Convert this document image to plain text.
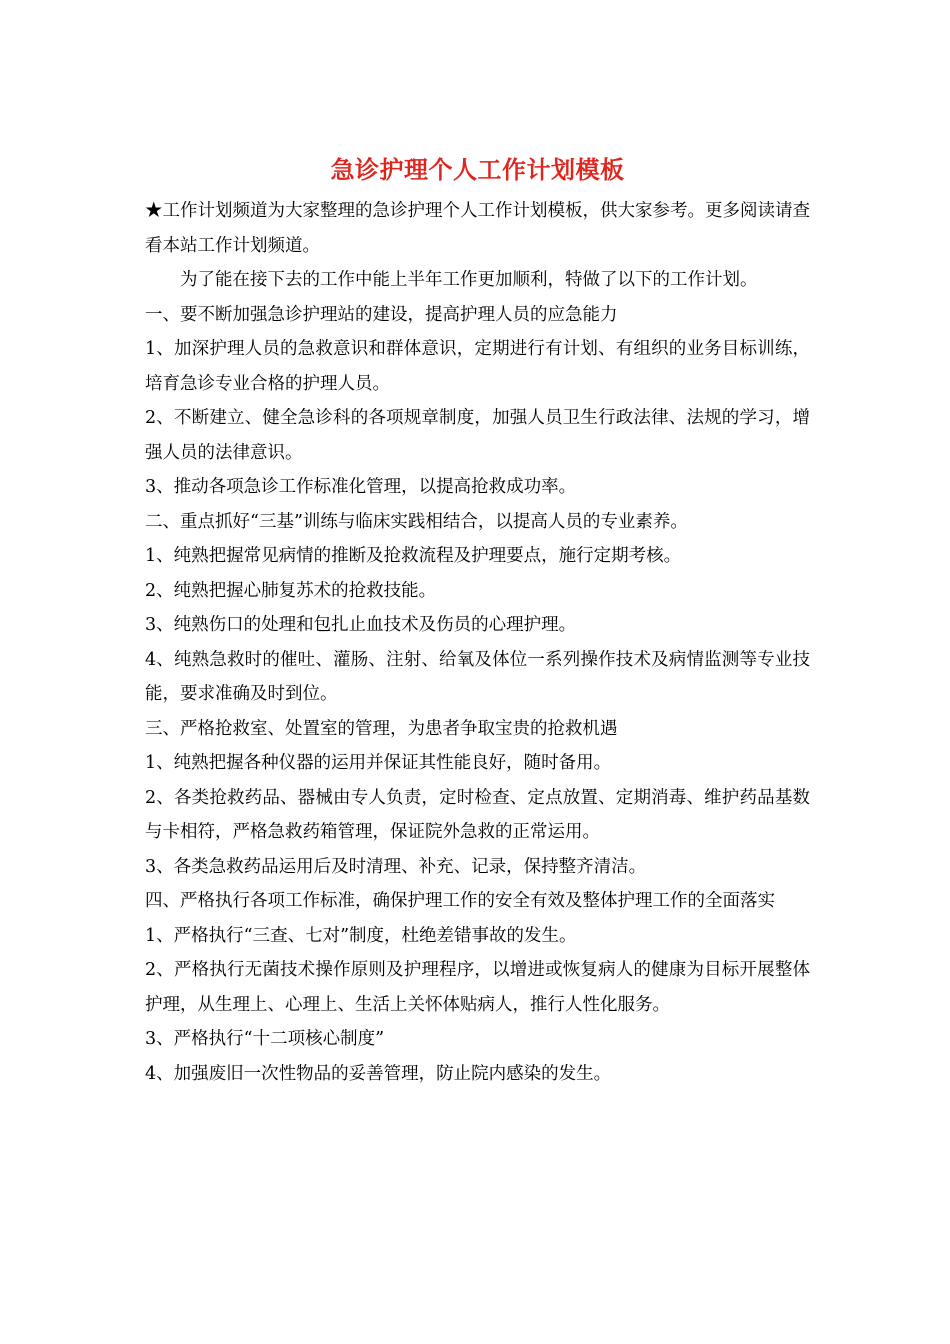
急诊护理个人工作计划模板

★工作计划频道为大家整理的急诊护理个人工作计划模板，供大家参考。更多阅读请查看本站工作计划频道。

为了能在接下去的工作中能上半年工作更加顺利，特做了以下的工作计划。

一、要不断加强急诊护理站的建设，提高护理人员的应急能力

1、加深护理人员的急救意识和群体意识，定期进行有计划、有组织的业务目标训练，培育急诊专业合格的护理人员。

2、不断建立、健全急诊科的各项规章制度，加强人员卫生行政法律、法规的学习，增强人员的法律意识。

3、推动各项急诊工作标准化管理，以提高抢救成功率。

二、重点抓好“三基”训练与临床实践相结合，以提高人员的专业素养。

1、纯熟把握常见病情的推断及抢救流程及护理要点，施行定期考核。

2、纯熟把握心肺复苏术的抢救技能。

3、纯熟伤口的处理和包扎止血技术及伤员的心理护理。

4、纯熟急救时的催吐、灌肠、注射、给氧及体位一系列操作技术及病情监测等专业技能，要求准确及时到位。

三、严格抢救室、处置室的管理，为患者争取宝贵的抢救机遇

1、纯熟把握各种仪器的运用并保证其性能良好，随时备用。

2、各类抢救药品、器械由专人负责，定时检查、定点放置、定期消毒、维护药品基数与卡相符，严格急救药箱管理，保证院外急救的正常运用。

3、各类急救药品运用后及时清理、补充、记录，保持整齐清洁。

四、严格执行各项工作标准，确保护理工作的安全有效及整体护理工作的全面落实

1、严格执行“三查、七对”制度，杜绝差错事故的发生。

2、严格执行无菌技术操作原则及护理程序，以增进或恢复病人的健康为目标开展整体护理，从生理上、心理上、生活上关怀体贴病人，推行人性化服务。

3、严格执行“十二项核心制度”

4、加强废旧一次性物品的妥善管理，防止院内感染的发生。
